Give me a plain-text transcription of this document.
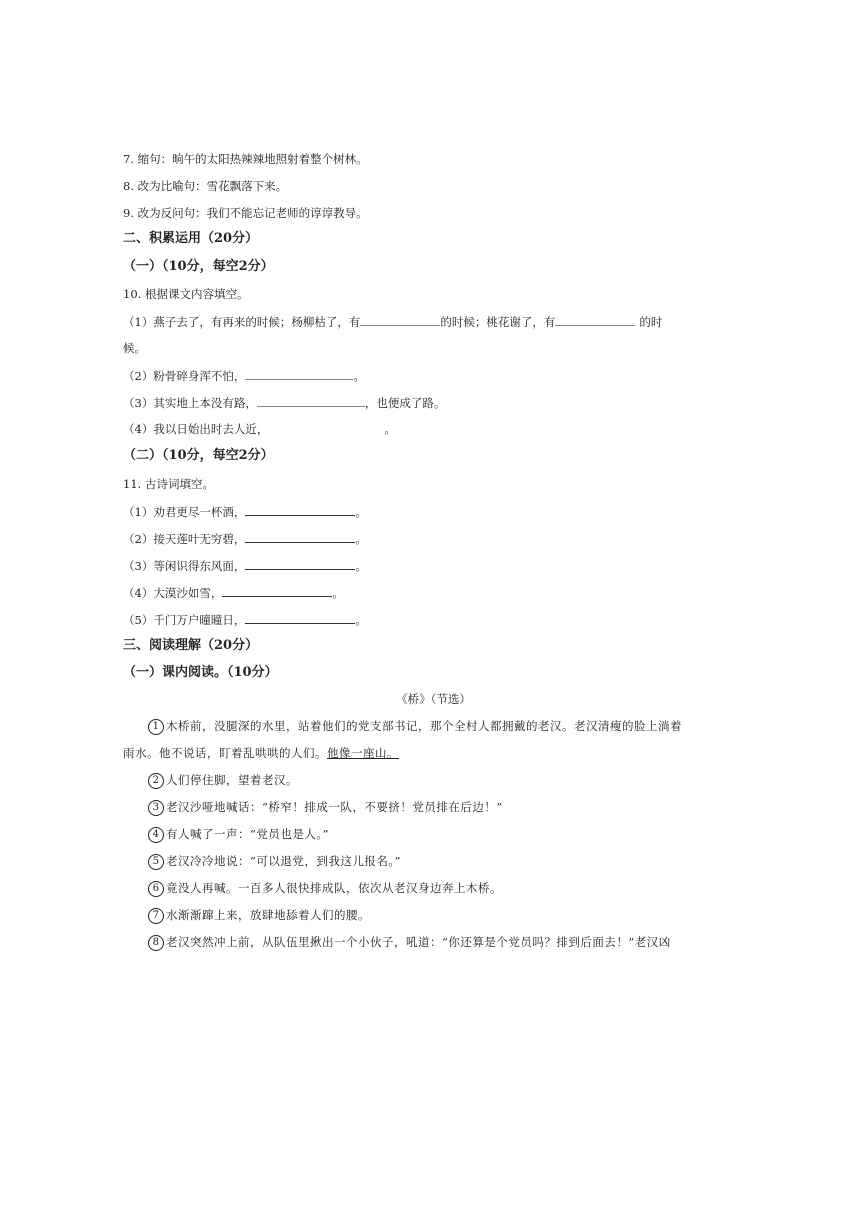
7. 缩句：晌午的太阳热辣辣地照射着整个树林。
8. 改为比喻句：雪花飘落下来。
9. 改为反问句：我们不能忘记老师的谆谆教导。
二、积累运用（20分）
（一）（10分，每空2分）
10. 根据课文内容填空。
（1）燕子去了，有再来的时候；杨柳枯了，有	的时候；桃花谢了，有	的时
候。
（2）粉骨碎身浑不怕，	。
（3）其实地上本没有路，	，也便成了路。
（4）我以日始出时去人近，	。
（二）（10分，每空2分）
11. 古诗词填空。
（1）劝君更尽一杯酒，	。
（2）接天莲叶无穷碧，	。
（3）等闲识得东风面，	。
（4）大漠沙如雪，	。
（5）千门万户曈曈日，	。
三、阅读理解（20分）
（一）课内阅读。（10分）
《桥》（节选）
1 木桥前，没腿深的水里，站着他们的党支部书记，那个全村人都拥戴的老汉。老汉清瘦的脸上淌着
雨水。他不说话，盯着乱哄哄的人们。他像一座山。
2 人们停住脚，望着老汉。
3 老汉沙哑地喊话：“桥窄！排成一队，不要挤！党员排在后边！”
4 有人喊了一声：“党员也是人。”
5 老汉冷冷地说：“可以退党，到我这儿报名。”
6 竟没人再喊。一百多人很快排成队，依次从老汉身边奔上木桥。
7 水渐渐蹿上来，放肆地舔着人们的腰。
8 老汉突然冲上前，从队伍里揪出一个小伙子，吼道：“你还算是个党员吗？排到后面去！”老汉凶
